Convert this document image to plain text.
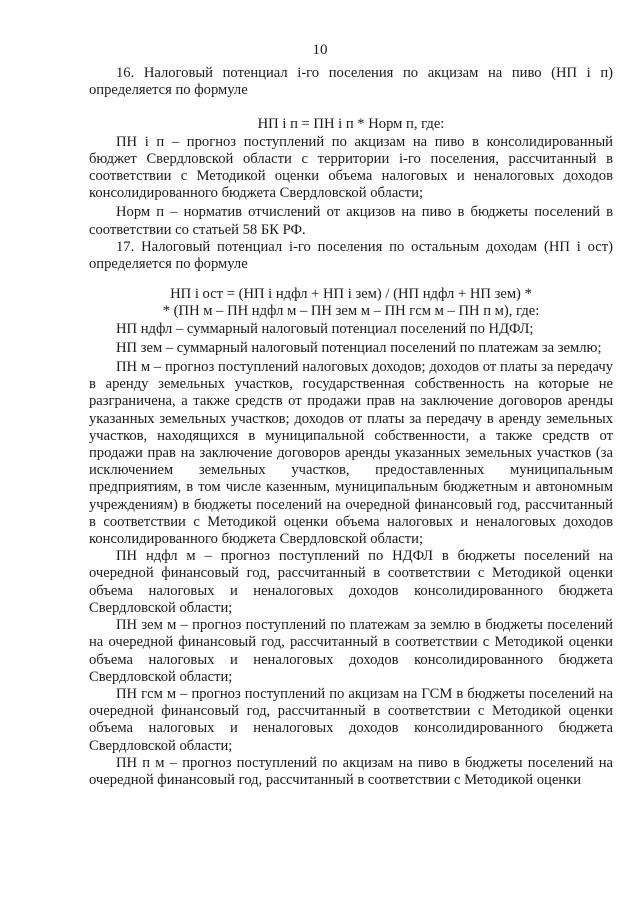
10

16. Налоговый потенциал i-го поселения по акцизам на пиво (НП i п) определяется по формуле

НП i п = ПН i п * Норм п, где:

ПН i п – прогноз поступлений по акцизам на пиво в консолидированный бюджет Свердловской области с территории i-го поселения, рассчитанный в соответствии с Методикой оценки объема налоговых и неналоговых доходов консолидированного бюджета Свердловской области;

Норм п – норматив отчислений от акцизов на пиво в бюджеты поселений в соответствии со статьей 58 БК РФ.

17. Налоговый потенциал i-го поселения по остальным доходам (НП i ост) определяется по формуле

НП i ост = (НП i ндфл + НП i зем) / (НП ндфл + НП зем) *

* (ПН м – ПН ндфл м – ПН зем м – ПН гсм м – ПН п м), где:

НП ндфл – суммарный налоговый потенциал поселений по НДФЛ;

НП зем – суммарный налоговый потенциал поселений по платежам за землю;

ПН м – прогноз поступлений налоговых доходов; доходов от платы за передачу в аренду земельных участков, государственная собственность на которые не разграничена, а также средств от продажи прав на заключение договоров аренды указанных земельных участков; доходов от платы за передачу в аренду земельных участков, находящихся в муниципальной собственности, а также средств от продажи прав на заключение договоров аренды указанных земельных участков (за исключением земельных участков, предоставленных муниципальным предприятиям, в том числе казенным, муниципальным бюджетным и автономным учреждениям) в бюджеты поселений на очередной финансовый год, рассчитанный в соответствии с Методикой оценки объема налоговых и неналоговых доходов консолидированного бюджета Свердловской области;

ПН ндфл м – прогноз поступлений по НДФЛ в бюджеты поселений на очередной финансовый год, рассчитанный в соответствии с Методикой оценки объема налоговых и неналоговых доходов консолидированного бюджета Свердловской области;

ПН зем м – прогноз поступлений по платежам за землю в бюджеты поселений на очередной финансовый год, рассчитанный в соответствии с Методикой оценки объема налоговых и неналоговых доходов консолидированного бюджета Свердловской области;

ПН гсм м – прогноз поступлений по акцизам на ГСМ в бюджеты поселений на очередной финансовый год, рассчитанный в соответствии с Методикой оценки объема налоговых и неналоговых доходов консолидированного бюджета Свердловской области;

ПН п м – прогноз поступлений по акцизам на пиво в бюджеты поселений на очередной финансовый год, рассчитанный в соответствии с Методикой оценки
